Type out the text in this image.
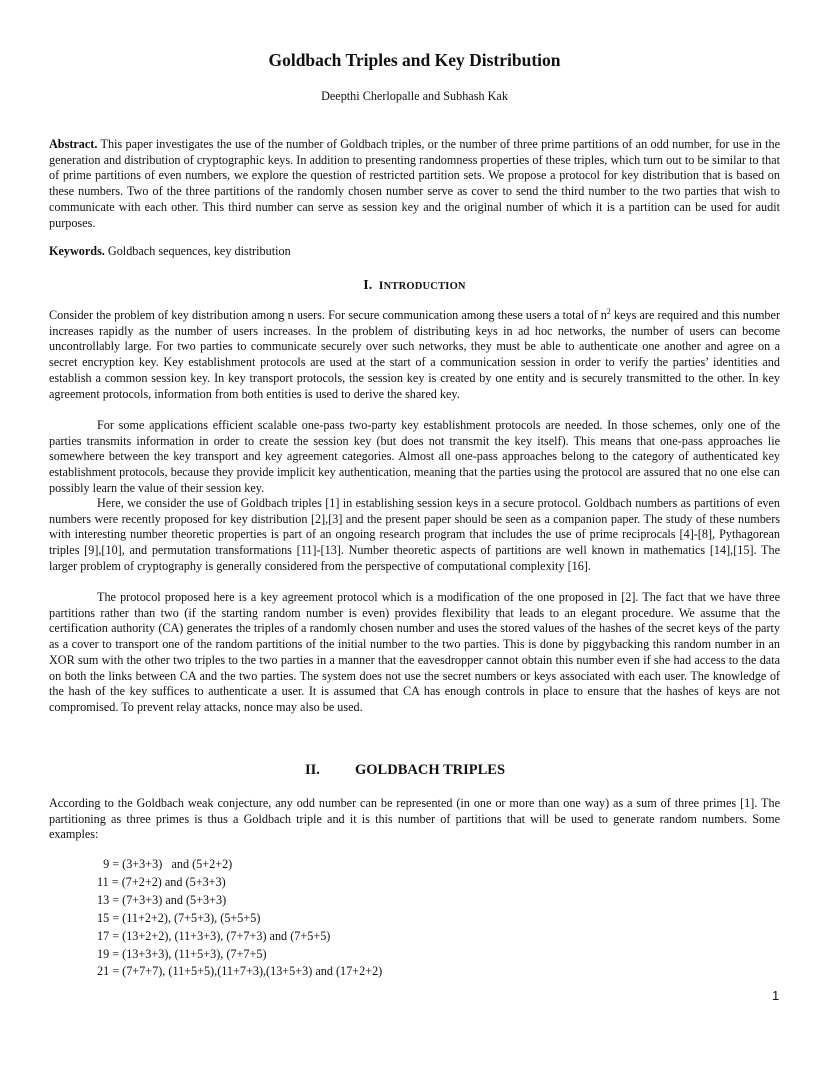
Goldbach Triples and Key Distribution
Deepthi Cherlopalle and Subhash Kak

Abstract. This paper investigates the use of the number of Goldbach triples, or the number of three prime partitions of an odd number, for use in the generation and distribution of cryptographic keys. In addition to presenting randomness properties of these triples, which turn out to be similar to that of prime partitions of even numbers, we explore the question of restricted partition sets. We propose a protocol for key distribution that is based on these numbers. Two of the three partitions of the randomly chosen number serve as cover to send the third number to the two parties that wish to communicate with each other. This third number can serve as session key and the original number of which it is a partition can be used for audit purposes.

Keywords. Goldbach sequences, key distribution

I. INTRODUCTION

Consider the problem of key distribution among n users. For secure communication among these users a total of $n^2$ keys are required and this number increases rapidly as the number of users increases. In the problem of distributing keys in ad hoc networks, the number of users can become uncontrollably large. For two parties to communicate securely over such networks, they must be able to authenticate one another and agree on a secret encryption key. Key establishment protocols are used at the start of a communication session in order to verify the parties’ identities and establish a common session key. In key transport protocols, the session key is created by one entity and is securely transmitted to the other. In key agreement protocols, information from both entities is used to derive the shared key.

For some applications efficient scalable one-pass two-party key establishment protocols are needed. In those schemes, only one of the parties transmits information in order to create the session key (but does not transmit the key itself). This means that one-pass approaches lie somewhere between the key transport and key agreement categories. Almost all one-pass approaches belong to the category of authenticated key establishment protocols, because they provide implicit key authentication, meaning that the parties using the protocol are assured that no one else can possibly learn the value of their session key.

Here, we consider the use of Goldbach triples [1] in establishing session keys in a secure protocol. Goldbach numbers as partitions of even numbers were recently proposed for key distribution [2],[3] and the present paper should be seen as a companion paper. The study of these numbers with interesting number theoretic properties is part of an ongoing research program that includes the use of prime reciprocals [4]-[8], Pythagorean triples [9],[10], and permutation transformations [11]-[13]. Number theoretic aspects of partitions are well known in mathematics [14],[15]. The larger problem of cryptography is generally considered from the perspective of computational complexity [16].

The protocol proposed here is a key agreement protocol which is a modification of the one proposed in [2]. The fact that we have three partitions rather than two (if the starting random number is even) provides flexibility that leads to an elegant procedure. We assume that the certification authority (CA) generates the triples of a randomly chosen number and uses the stored values of the hashes of the secret keys of the party as a cover to transport one of the random partitions of the initial number to the two parties. This is done by piggybacking this random number in an XOR sum with the other two triples to the two parties in a manner that the eavesdropper cannot obtain this number even if she had access to the data on both the links between CA and the two parties. The system does not use the secret numbers or keys associated with each user. The knowledge of the hash of the key suffices to authenticate a user. It is assumed that CA has enough controls in place to ensure that the hashes of keys are not compromised. To prevent relay attacks, nonce may also be used.

II. GOLDBACH TRIPLES

According to the Goldbach weak conjecture, any odd number can be represented (in one or more than one way) as a sum of three primes [1]. The partitioning as three primes is thus a Goldbach triple and it is this number of partitions that will be used to generate random numbers. Some examples:

9 = (3+3+3)   and (5+2+2)
11 = (7+2+2) and (5+3+3)
13 = (7+3+3) and (5+3+3)
15 = (11+2+2), (7+5+3), (5+5+5)
17 = (13+2+2), (11+3+3), (7+7+3) and (7+5+5)
19 = (13+3+3), (11+5+3), (7+7+5)
21 = (7+7+7), (11+5+5),(11+7+3),(13+5+3) and (17+2+2)
1
